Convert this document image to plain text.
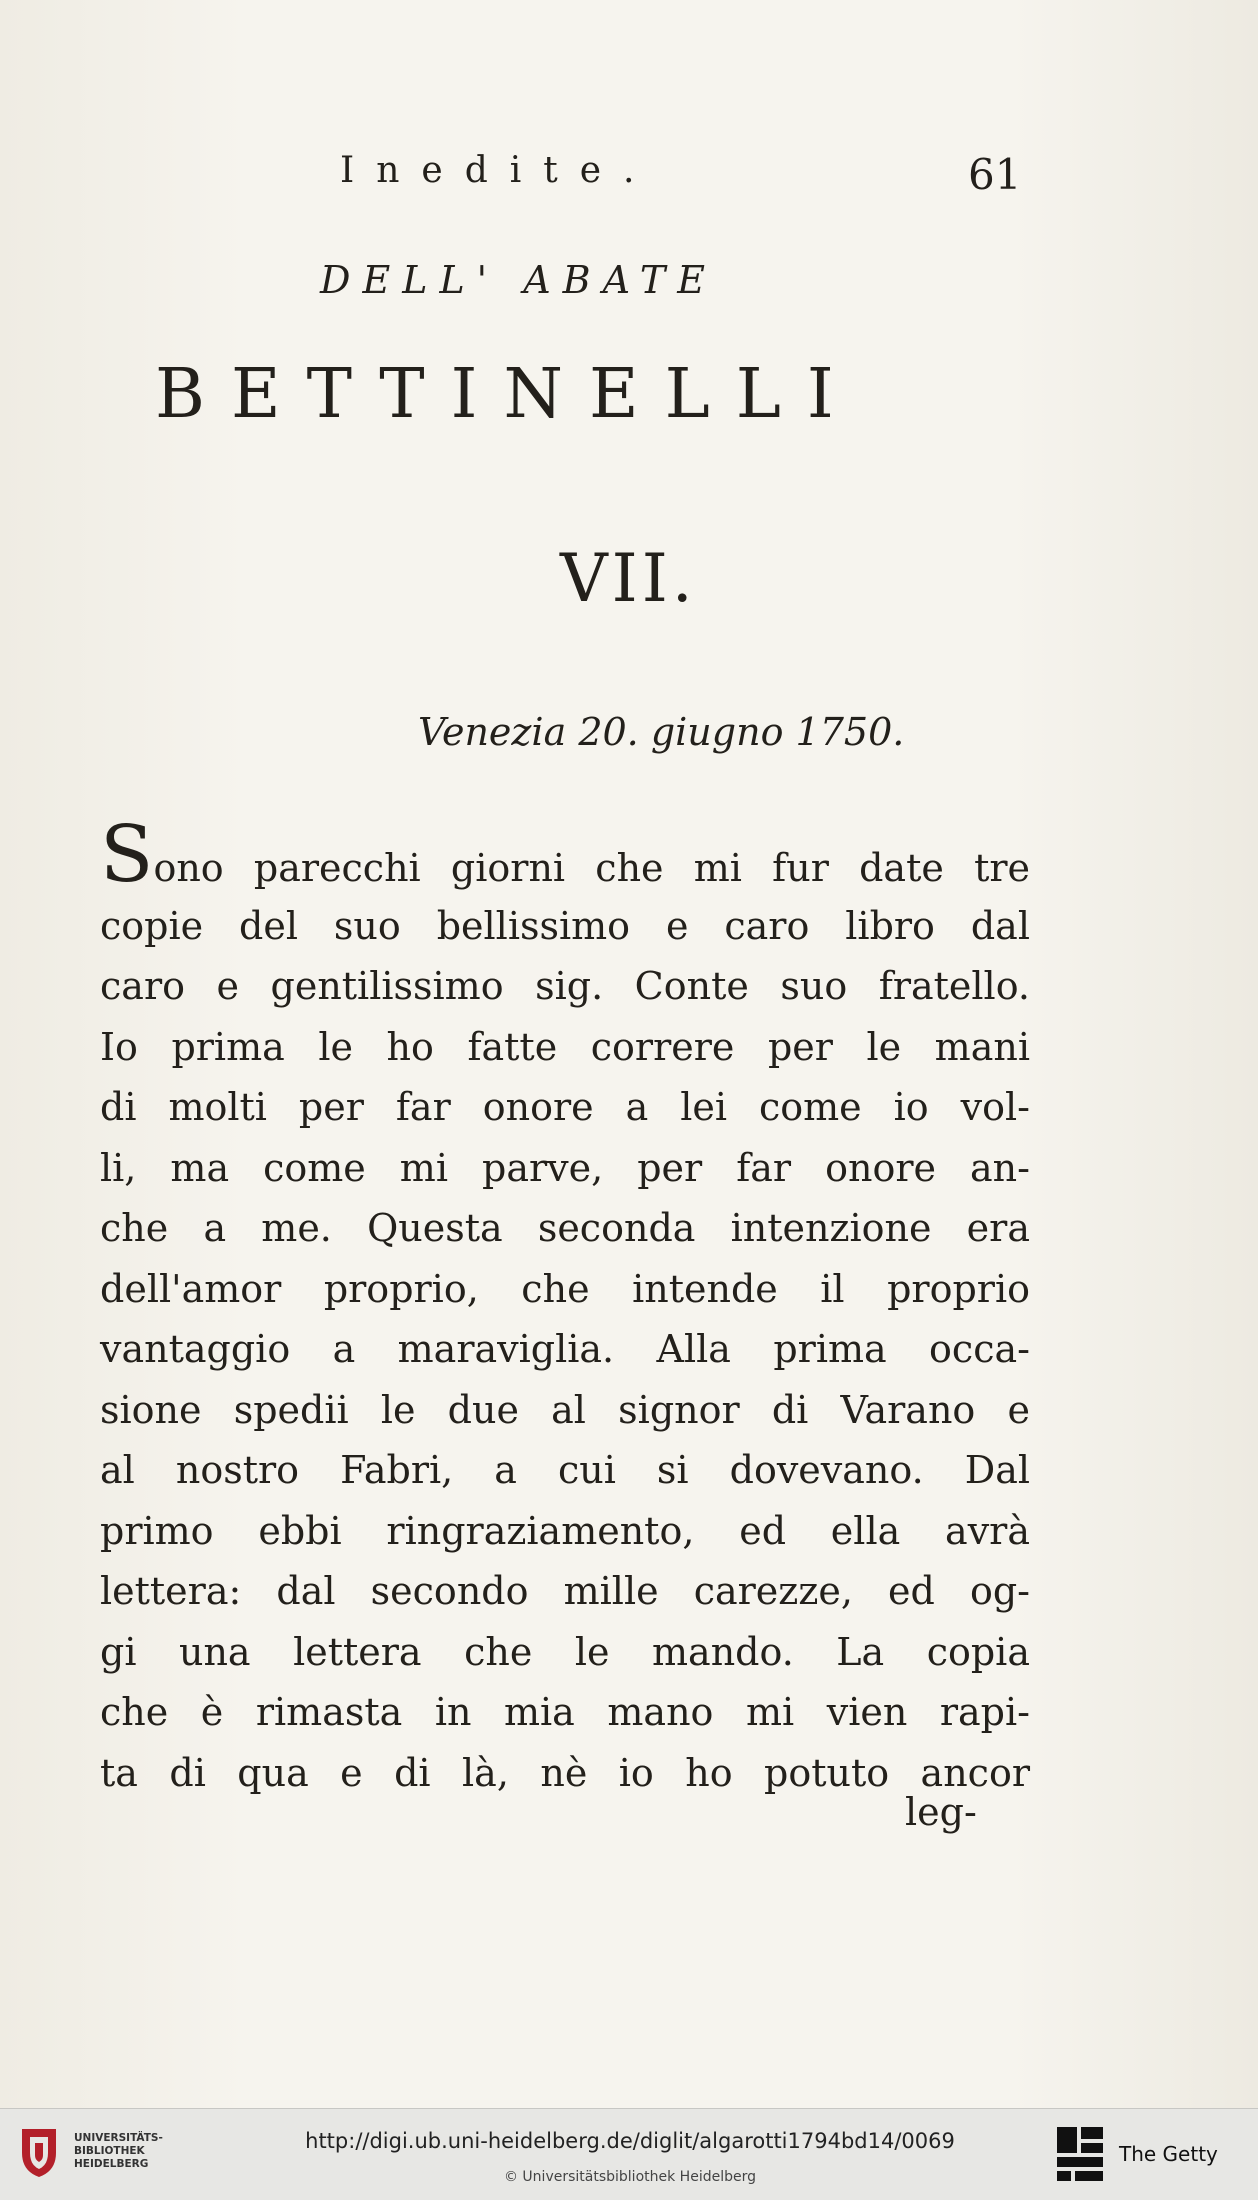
Inedite.	61
DELL' ABATE
BETTINELLI
VII.
Venezia 20. giugno 1750.
Sono parecchi giorni che mi fur date tre
copie del suo bellissimo e caro libro dal
caro e gentilissimo sig. Conte suo fratello.
Io prima le ho fatte correre per le mani
di molti per far onore a lei come io vol-
li, ma come mi parve, per far onore an-
che a me. Questa seconda intenzione era
dell'amor proprio, che intende il proprio
vantaggio a maraviglia. Alla prima occa-
sione spedii le due al signor di Varano e
al nostro Fabri, a cui si dovevano. Dal
primo ebbi ringraziamento, ed ella avrà
lettera: dal secondo mille carezze, ed og-
gi una lettera che le mando. La copia
che è rimasta in mia mano mi vien rapi-
ta di qua e di là, nè io ho potuto ancor
leg-
UNIVERSITÄTS-BIBLIOTHEK HEIDELBERG
http://digi.ub.uni-heidelberg.de/diglit/algarotti1794bd14/0069
© Universitätsbibliothek Heidelberg
The Getty
